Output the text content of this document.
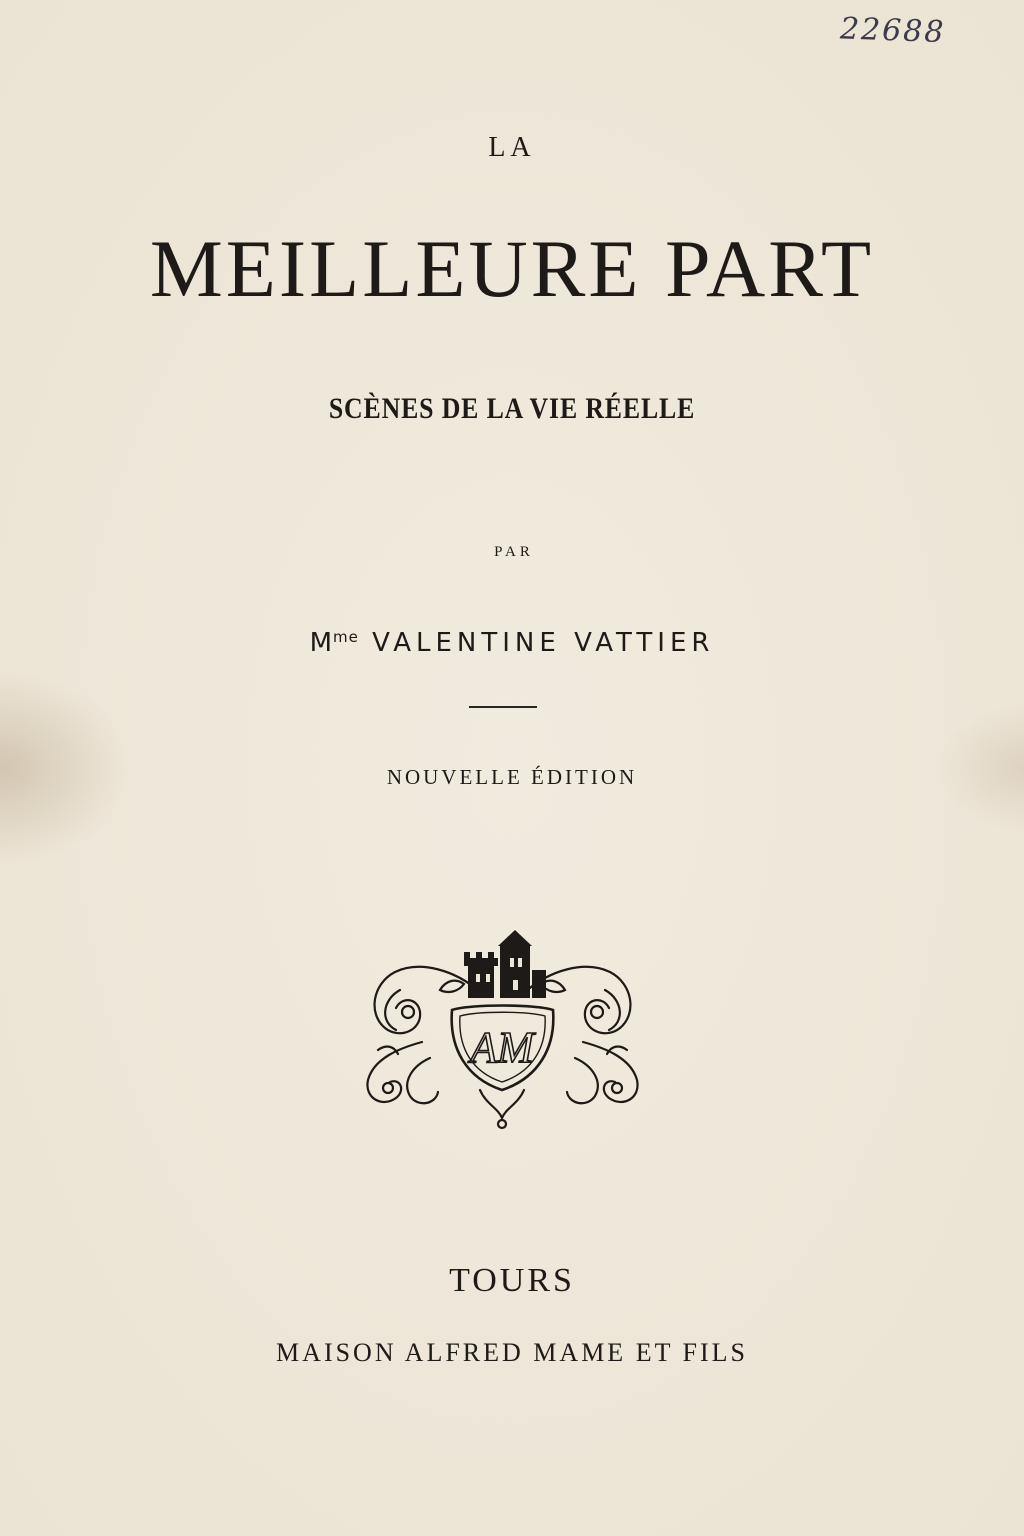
22688
LA
MEILLEURE PART
SCÈNES DE LA VIE RÉELLE
PAR
$M^{me}$ VALENTINE VATTIER
NOUVELLE ÉDITION
AM
TOURS
MAISON ALFRED MAME ET FILS
